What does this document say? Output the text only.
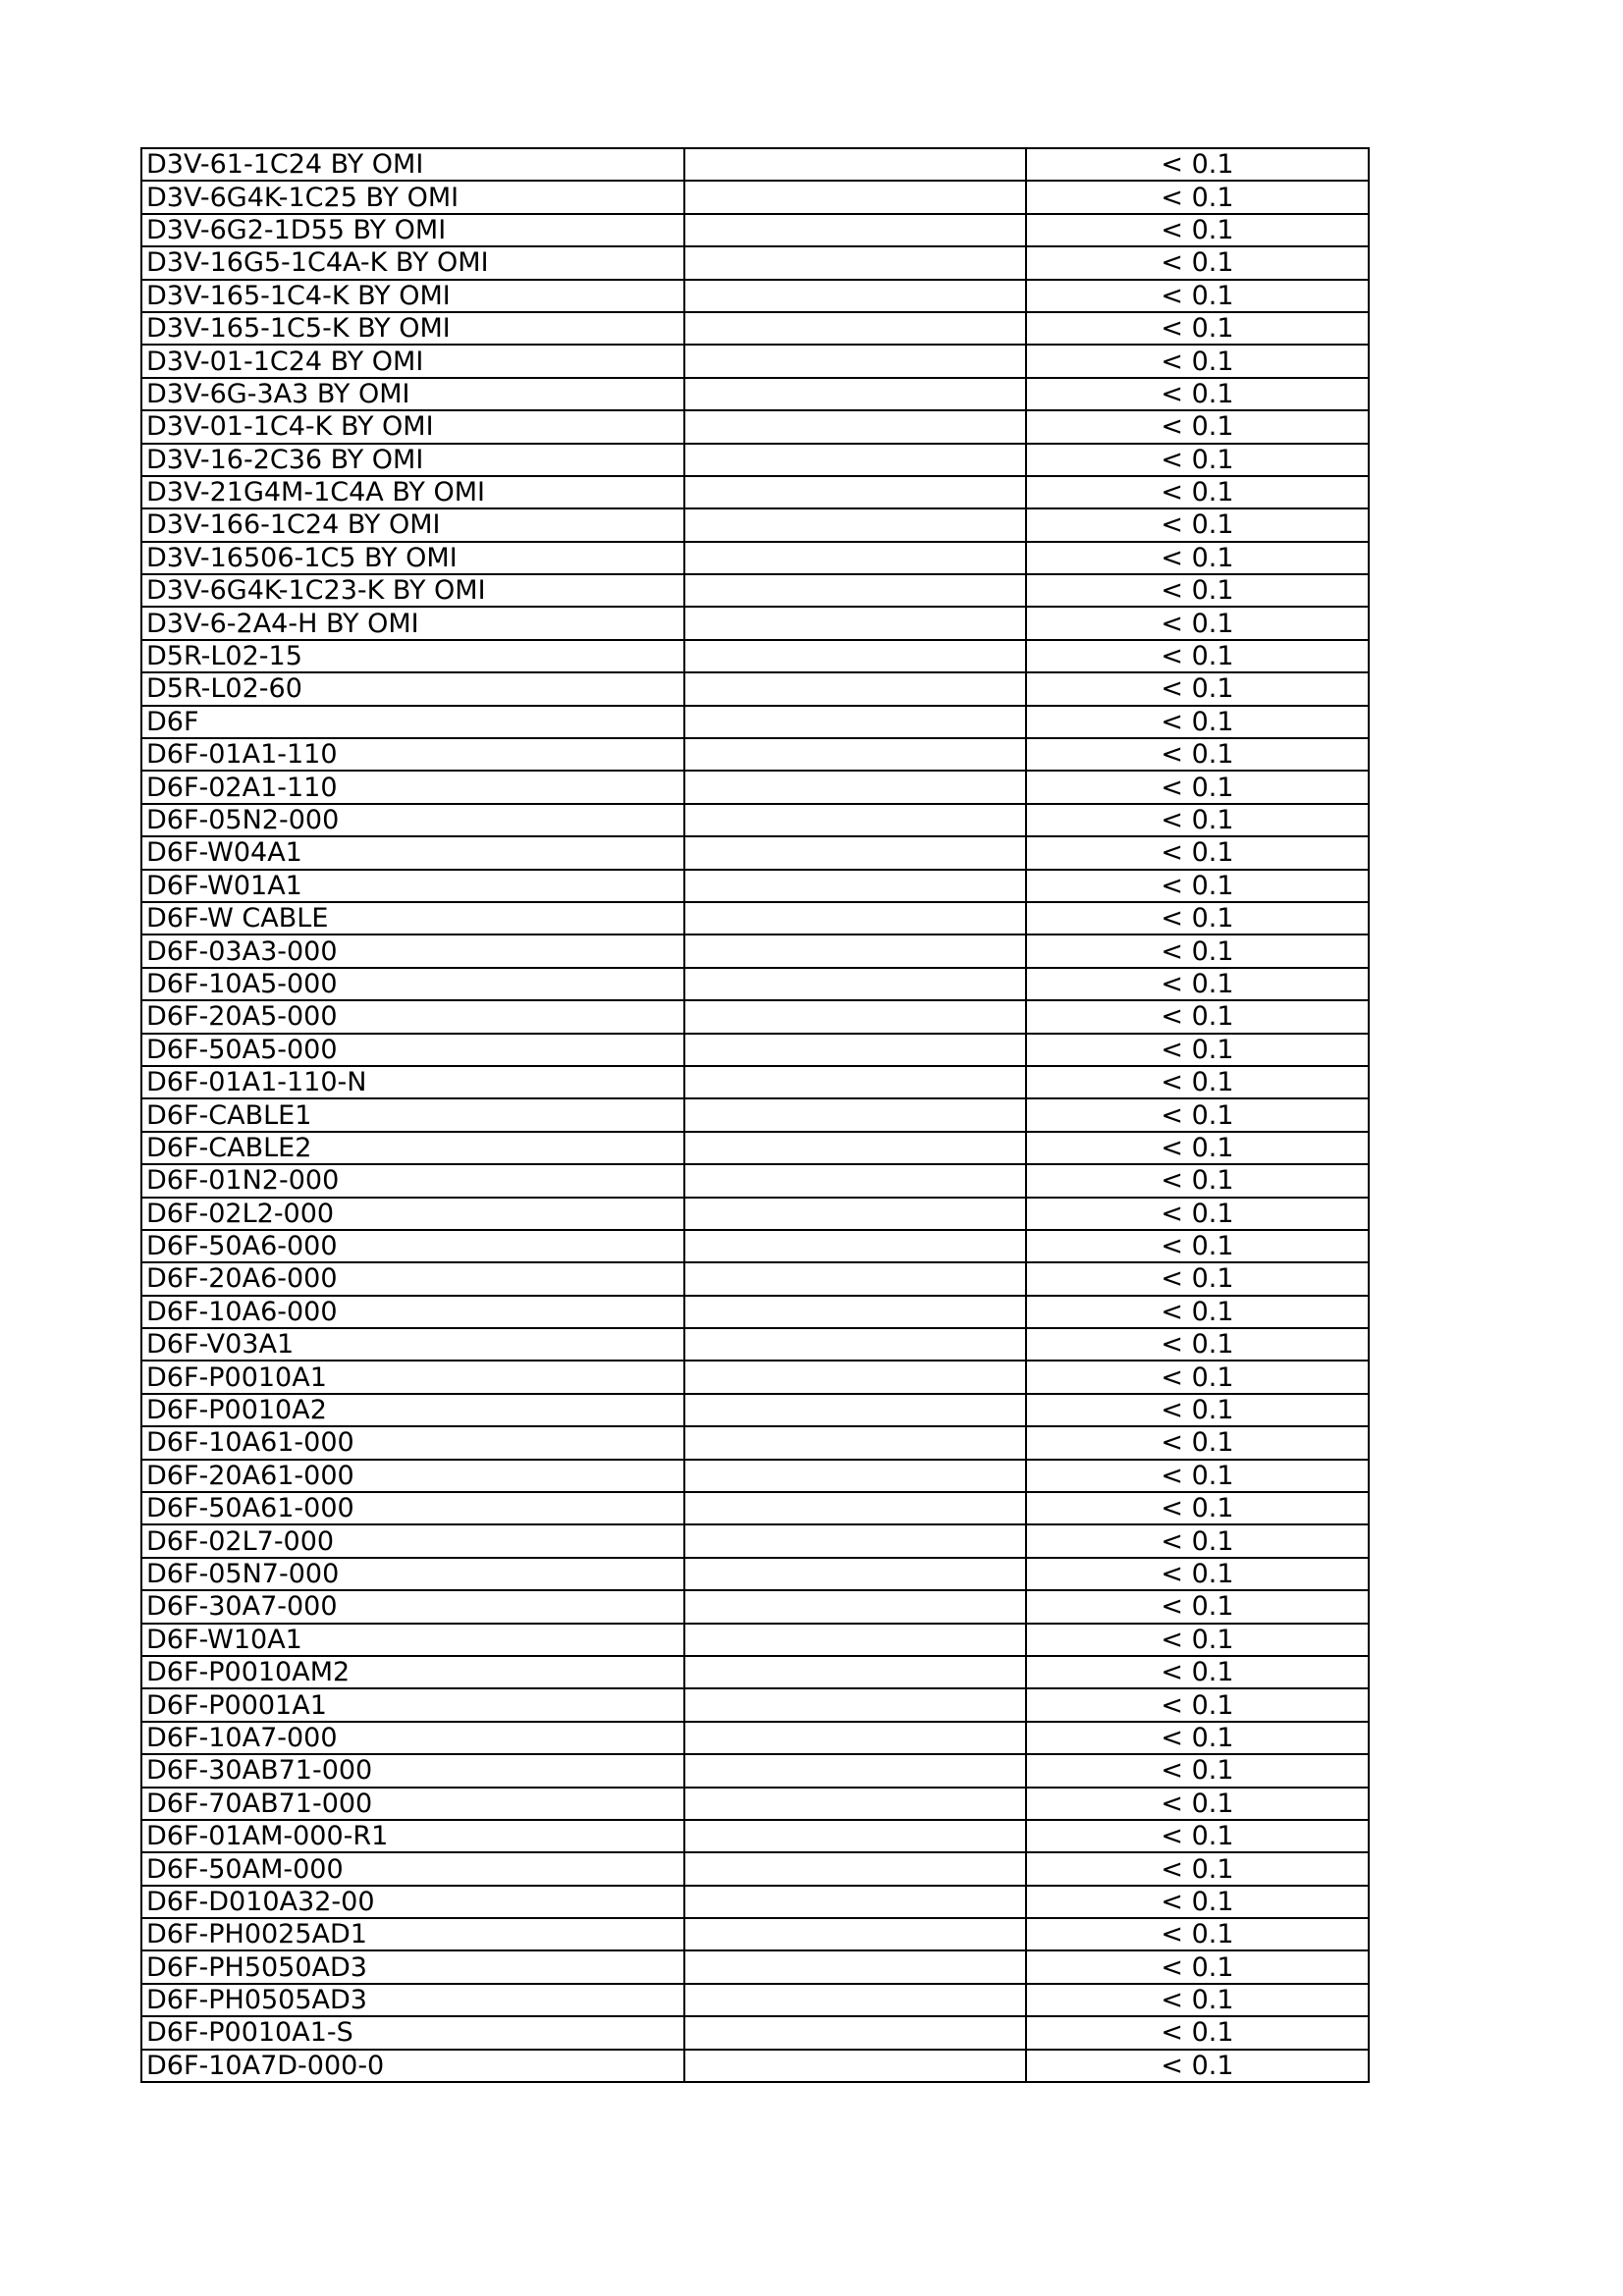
D3V-61-1C24 BY OMI		< 0.1
D3V-6G4K-1C25 BY OMI		< 0.1
D3V-6G2-1D55 BY OMI		< 0.1
D3V-16G5-1C4A-K BY OMI		< 0.1
D3V-165-1C4-K BY OMI		< 0.1
D3V-165-1C5-K BY OMI		< 0.1
D3V-01-1C24 BY OMI		< 0.1
D3V-6G-3A3 BY OMI		< 0.1
D3V-01-1C4-K BY OMI		< 0.1
D3V-16-2C36 BY OMI		< 0.1
D3V-21G4M-1C4A BY OMI		< 0.1
D3V-166-1C24 BY OMI		< 0.1
D3V-16506-1C5 BY OMI		< 0.1
D3V-6G4K-1C23-K BY OMI		< 0.1
D3V-6-2A4-H BY OMI		< 0.1
D5R-L02-15		< 0.1
D5R-L02-60		< 0.1
D6F		< 0.1
D6F-01A1-110		< 0.1
D6F-02A1-110		< 0.1
D6F-05N2-000		< 0.1
D6F-W04A1		< 0.1
D6F-W01A1		< 0.1
D6F-W CABLE		< 0.1
D6F-03A3-000		< 0.1
D6F-10A5-000		< 0.1
D6F-20A5-000		< 0.1
D6F-50A5-000		< 0.1
D6F-01A1-110-N		< 0.1
D6F-CABLE1		< 0.1
D6F-CABLE2		< 0.1
D6F-01N2-000		< 0.1
D6F-02L2-000		< 0.1
D6F-50A6-000		< 0.1
D6F-20A6-000		< 0.1
D6F-10A6-000		< 0.1
D6F-V03A1		< 0.1
D6F-P0010A1		< 0.1
D6F-P0010A2		< 0.1
D6F-10A61-000		< 0.1
D6F-20A61-000		< 0.1
D6F-50A61-000		< 0.1
D6F-02L7-000		< 0.1
D6F-05N7-000		< 0.1
D6F-30A7-000		< 0.1
D6F-W10A1		< 0.1
D6F-P0010AM2		< 0.1
D6F-P0001A1		< 0.1
D6F-10A7-000		< 0.1
D6F-30AB71-000		< 0.1
D6F-70AB71-000		< 0.1
D6F-01AM-000-R1		< 0.1
D6F-50AM-000		< 0.1
D6F-D010A32-00		< 0.1
D6F-PH0025AD1		< 0.1
D6F-PH5050AD3		< 0.1
D6F-PH0505AD3		< 0.1
D6F-P0010A1-S		< 0.1
D6F-10A7D-000-0		< 0.1
